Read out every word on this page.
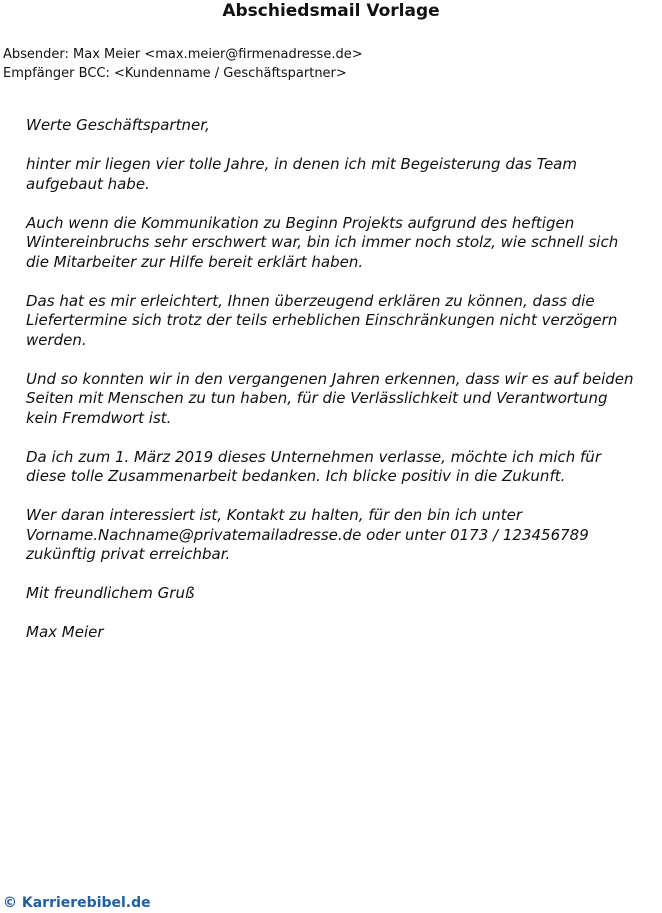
Abschiedsmail Vorlage
Absender: Max Meier <max.meier@firmenadresse.de>
Empfänger BCC: <Kundenname / Geschäftspartner>

Werte Geschäftspartner,

hinter mir liegen vier tolle Jahre, in denen ich mit Begeisterung das Team aufgebaut habe.

Auch wenn die Kommunikation zu Beginn Projekts aufgrund des heftigen Wintereinbruchs sehr erschwert war, bin ich immer noch stolz, wie schnell sich die Mitarbeiter zur Hilfe bereit erklärt haben.

Das hat es mir erleichtert, Ihnen überzeugend erklären zu können, dass die Liefertermine sich trotz der teils erheblichen Einschränkungen nicht verzögern werden.

Und so konnten wir in den vergangenen Jahren erkennen, dass wir es auf beiden Seiten mit Menschen zu tun haben, für die Verlässlichkeit und Verantwortung kein Fremdwort ist.

Da ich zum 1. März 2019 dieses Unternehmen verlasse, möchte ich mich für diese tolle Zusammenarbeit bedanken. Ich blicke positiv in die Zukunft.

Wer daran interessiert ist, Kontakt zu halten, für den bin ich unter Vorname.Nachname@privatemailadresse.de oder unter 0173 / 123456789 zukünftig privat erreichbar.

Mit freundlichem Gruß

Max Meier

© Karrierebibel.de
